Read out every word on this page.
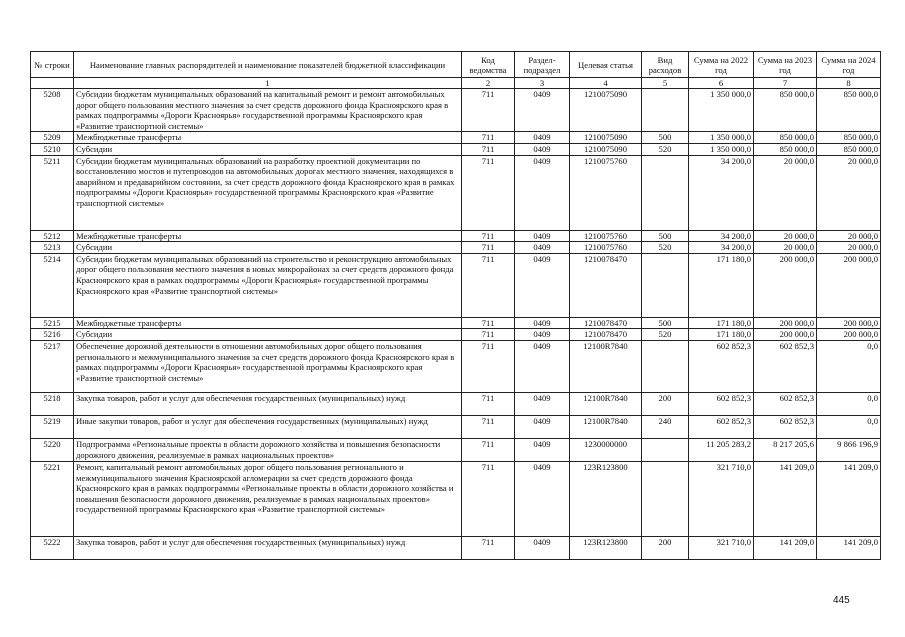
№ строки	Наименование главных распорядителей и наименование показателей бюджетной классификации	Код ведомства	Раздел-подраздел	Целевая статья	Вид расходов	Сумма на 2022 год	Сумма на 2023 год	Сумма на 2024 год
	1	2	3	4	5	6	7	8
5208	Субсидии бюджетам муниципальных образований на капитальный ремонт и ремонт автомобильных дорог общего пользования местного значения за счет средств дорожного фонда Красноярского края в рамках подпрограммы «Дороги Красноярья» государственной программы Красноярского края «Развитие транспортной системы»	711	0409	1210075090		1 350 000,0	850 000,0	850 000,0
5209	Межбюджетные трансферты	711	0409	1210075090	500	1 350 000,0	850 000,0	850 000,0
5210	Субсидии	711	0409	1210075090	520	1 350 000,0	850 000,0	850 000,0
5211	Субсидии бюджетам муниципальных образований на разработку проектной документации по восстановлению мостов и путепроводов на автомобильных дорогах местного значения, находящихся в аварийном и предаварийном состоянии, за счет средств дорожного фонда Красноярского края в рамках подпрограммы «Дороги Красноярья» государственной программы Красноярского края «Развитие транспортной системы»	711	0409	1210075760		34 200,0	20 000,0	20 000,0
5212	Межбюджетные трансферты	711	0409	1210075760	500	34 200,0	20 000,0	20 000,0
5213	Субсидии	711	0409	1210075760	520	34 200,0	20 000,0	20 000,0
5214	Субсидии бюджетам муниципальных образований на строительство и реконструкцию автомобильных дорог общего пользования местного значения в новых микрорайонах за счет средств дорожного фонда Красноярского края в рамках подпрограммы «Дороги Красноярья» государственной программы Красноярского края «Развитие транспортной системы»	711	0409	1210078470		171 180,0	200 000,0	200 000,0
5215	Межбюджетные трансферты	711	0409	1210078470	500	171 180,0	200 000,0	200 000,0
5216	Субсидии	711	0409	1210078470	520	171 180,0	200 000,0	200 000,0
5217	Обеспечение дорожной деятельности в отношении автомобильных дорог общего пользования регионального и межмуниципального значения за счет средств дорожного фонда Красноярского края в рамках подпрограммы «Дороги Красноярья» государственной программы Красноярского края «Развитие транспортной системы»	711	0409	12100R7840		602 852,3	602 852,3	0,0
5218	Закупка товаров, работ и услуг для обеспечения государственных (муниципальных) нужд	711	0409	12100R7840	200	602 852,3	602 852,3	0,0
5219	Иные закупки товаров, работ и услуг для обеспечения государственных (муниципальных) нужд	711	0409	12100R7840	240	602 852,3	602 852,3	0,0
5220	Подпрограмма «Региональные проекты в области дорожного хозяйства и повышения безопасности дорожного движения, реализуемые в рамках национальных проектов»	711	0409	1230000000		11 205 283,2	8 217 205,6	9 866 196,9
5221	Ремонт, капитальный ремонт автомобильных дорог общего пользования регионального и межмуниципального значения Красноярской агломерации за счет средств дорожного фонда Красноярского края в рамках подпрограммы «Региональные проекты в области дорожного хозяйства и повышения безопасности дорожного движения, реализуемые в рамках национальных проектов» государственной программы Красноярского края «Развитие транспортной системы»	711	0409	123R123800		321 710,0	141 209,0	141 209,0
5222	Закупка товаров, работ и услуг для обеспечения государственных (муниципальных) нужд	711	0409	123R123800	200	321 710,0	141 209,0	141 209,0
445
